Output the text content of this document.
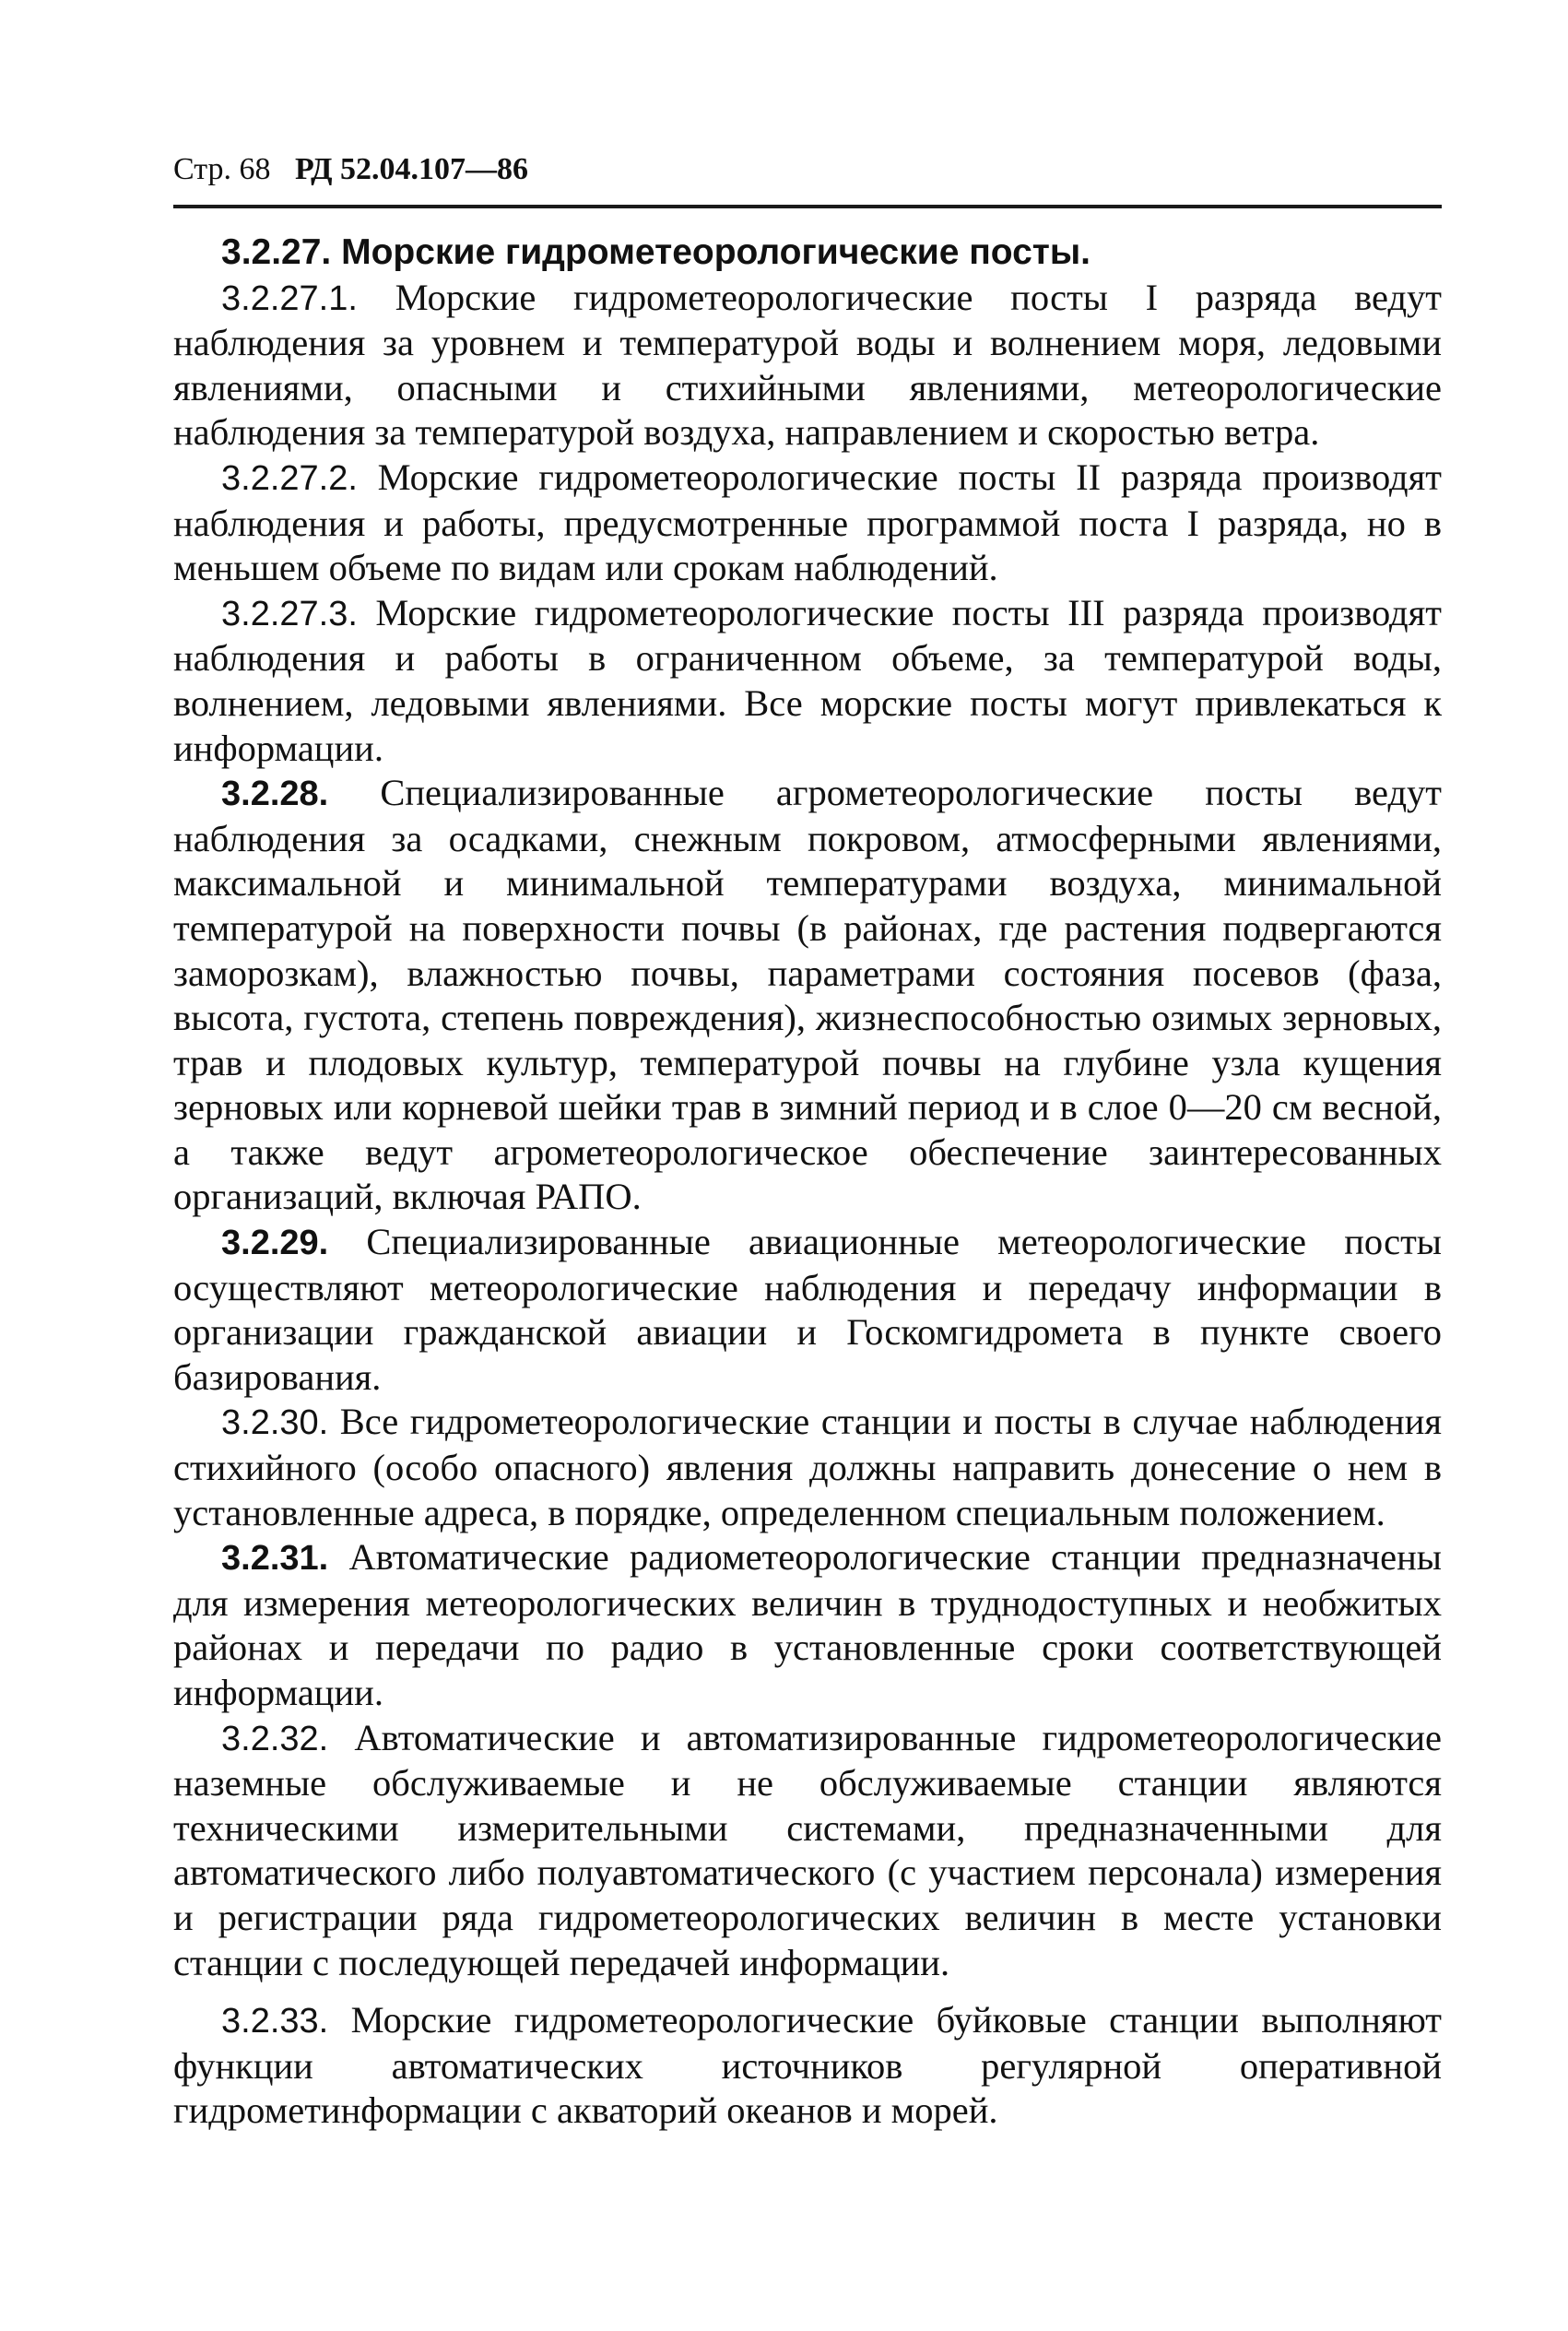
Стр. 68 РД 52.04.107—86

3.2.27. Морские гидрометеорологические посты.

3.2.27.1. Морские гидрометеорологические посты I разряда ведут наблюдения за уровнем и температурой воды и волнением моря, ледовыми явлениями, опасными и стихийными явлениями, метеорологические наблюдения за температурой воздуха, направлением и скоростью ветра.

3.2.27.2. Морские гидрометеорологические посты II разряда производят наблюдения и работы, предусмотренные программой поста I разряда, но в меньшем объеме по видам или срокам наблюдений.

3.2.27.3. Морские гидрометеорологические посты III разряда производят наблюдения и работы в ограниченном объеме, за температурой воды, волнением, ледовыми явлениями. Все морские посты могут привлекаться к информации.

3.2.28. Специализированные агрометеорологические посты ведут наблюдения за осадками, снежным покровом, атмосферными явлениями, максимальной и минимальной температурами воздуха, минимальной температурой на поверхности почвы (в районах, где растения подвергаются заморозкам), влажностью почвы, параметрами состояния посевов (фаза, высота, густота, степень повреждения), жизнеспособностью озимых зерновых, трав и плодовых культур, температурой почвы на глубине узла кущения зерновых или корневой шейки трав в зимний период и в слое 0—20 см весной, а также ведут агрометеорологическое обеспечение заинтересованных организаций, включая РАПО.

3.2.29. Специализированные авиационные метеорологические посты осуществляют метеорологические наблюдения и передачу информации в организации гражданской авиации и Госкомгидромета в пункте своего базирования.

3.2.30. Все гидрометеорологические станции и посты в случае наблюдения стихийного (особо опасного) явления должны направить донесение о нем в установленные адреса, в порядке, определенном специальным положением.

3.2.31. Автоматические радиометеорологические станции предназначены для измерения метеорологических величин в труднодоступных и необжитых районах и передачи по радио в установленные сроки соответствующей информации.

3.2.32. Автоматические и автоматизированные гидрометеорологические наземные обслуживаемые и не обслуживаемые станции являются техническими измерительными системами, предназначенными для автоматического либо полуавтоматического (с участием персонала) измерения и регистрации ряда гидрометеорологических величин в месте установки станции с последующей передачей информации.

3.2.33. Морские гидрометеорологические буйковые станции выполняют функции автоматических источников регулярной оперативной гидрометинформации с акваторий океанов и морей.
